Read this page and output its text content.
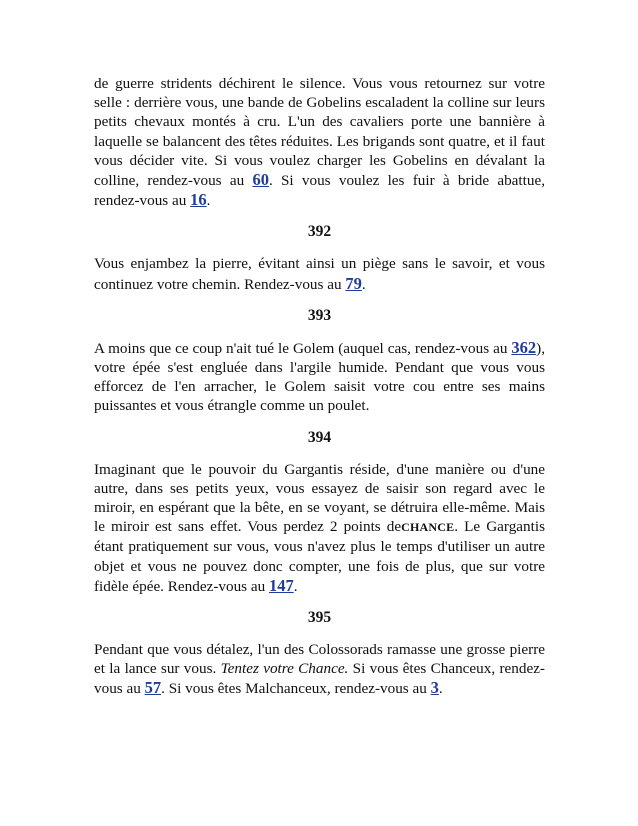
de guerre stridents déchirent le silence. Vous vous retournez sur votre selle : derrière vous, une bande de Gobelins escaladent la colline sur leurs petits chevaux montés à cru. L'un des cavaliers porte une bannière à laquelle se balancent des têtes réduites. Les brigands sont quatre, et il faut vous décider vite. Si vous voulez charger les Gobelins en dévalant la colline, rendez-vous au 60. Si vous voulez les fuir à bride abattue, rendez-vous au 16.

392

Vous enjambez la pierre, évitant ainsi un piège sans le savoir, et vous continuez votre chemin. Rendez-vous au 79.

393

A moins que ce coup n'ait tué le Golem (auquel cas, rendez-vous au 362), votre épée s'est engluée dans l'argile humide. Pendant que vous vous efforcez de l'en arracher, le Golem saisit votre cou entre ses mains puissantes et vous étrangle comme un poulet.

394

Imaginant que le pouvoir du Gargantis réside, d'une manière ou d'une autre, dans ses petits yeux, vous essayez de saisir son regard avec le miroir, en espérant que la bête, en se voyant, se détruira elle-même. Mais le miroir est sans effet. Vous perdez 2 points deCHANCE. Le Gargantis étant pratiquement sur vous, vous n'avez plus le temps d'utiliser un autre objet et vous ne pouvez donc compter, une fois de plus, que sur votre fidèle épée. Rendez-vous au 147.

395

Pendant que vous détalez, l'un des Colossorads ramasse une grosse pierre et la lance sur vous. Tentez votre Chance. Si vous êtes Chanceux, rendez-vous au 57. Si vous êtes Malchanceux, rendez-vous au 3.
